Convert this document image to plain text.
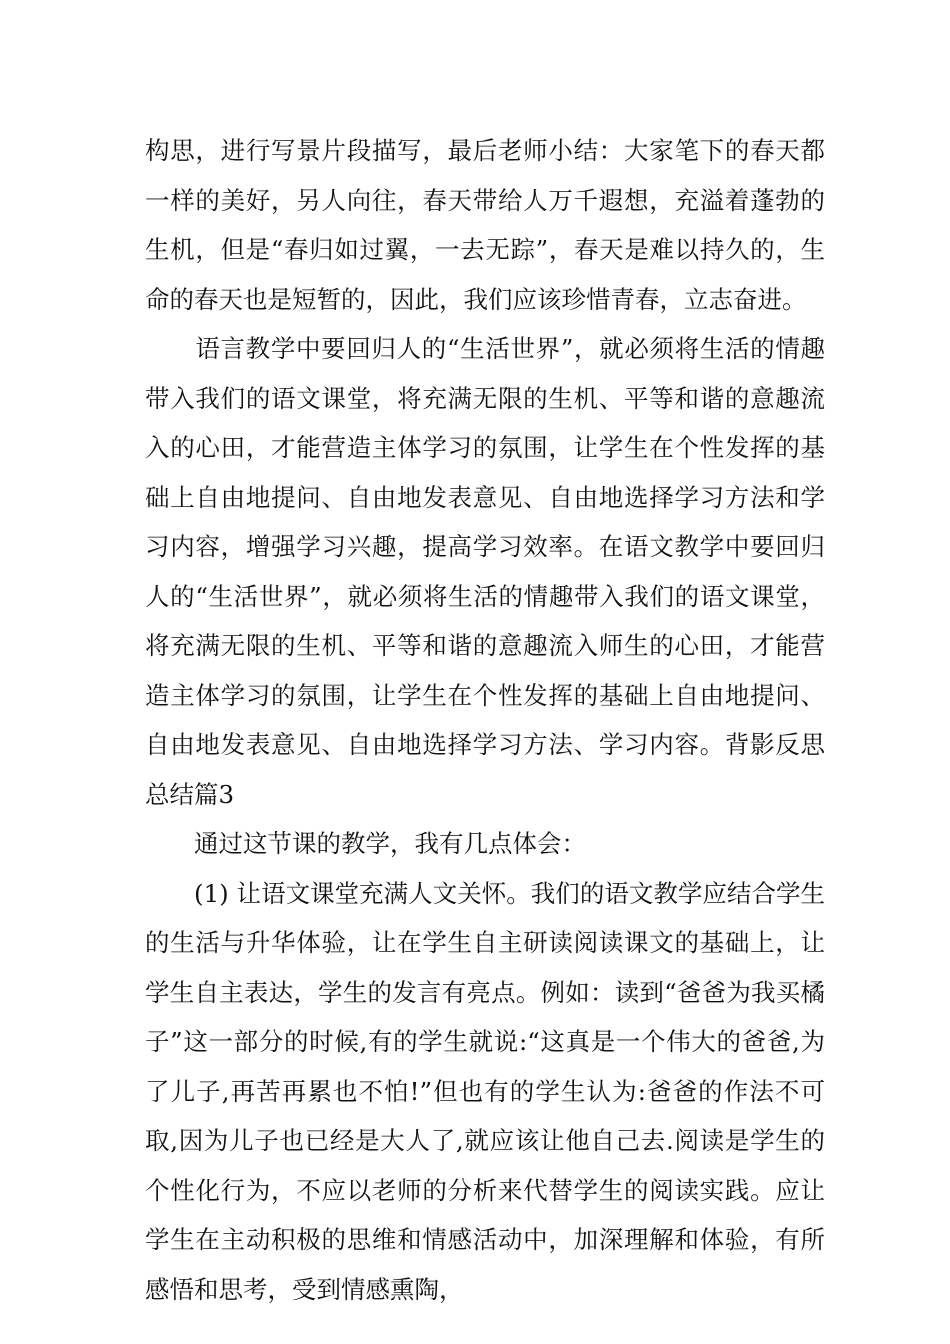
构思，进行写景片段描写，最后老师小结：大家笔下的春天都一样的美好，另人向往，春天带给人万千遐想，充溢着蓬勃的生机，但是“春归如过翼，一去无踪”，春天是难以持久的，生命的春天也是短暂的，因此，我们应该珍惜青春，立志奋进。

　　语言教学中要回归人的“生活世界”，就必须将生活的情趣带入我们的语文课堂，将充满无限的生机、平等和谐的意趣流入的心田，才能营造主体学习的氛围，让学生在个性发挥的基础上自由地提问、自由地发表意见、自由地选择学习方法和学习内容，增强学习兴趣，提高学习效率。在语文教学中要回归人的“生活世界”，就必须将生活的情趣带入我们的语文课堂，将充满无限的生机、平等和谐的意趣流入师生的心田，才能营造主体学习的氛围，让学生在个性发挥的基础上自由地提问、自由地发表意见、自由地选择学习方法、学习内容。背影反思总结篇3

　　通过这节课的教学，我有几点体会：

　　(1) 让语文课堂充满人文关怀。我们的语文教学应结合学生的生活与升华体验，让在学生自主研读阅读课文的基础上，让学生自主表达，学生的发言有亮点。例如：读到“爸爸为我买橘子”这一部分的时候,有的学生就说:“这真是一个伟大的爸爸,为了儿子,再苦再累也不怕!”但也有的学生认为:爸爸的作法不可取,因为儿子也已经是大人了,就应该让他自己去.阅读是学生的个性化行为，不应以老师的分析来代替学生的阅读实践。应让学生在主动积极的思维和情感活动中，加深理解和体验，有所感悟和思考，受到情感熏陶，
